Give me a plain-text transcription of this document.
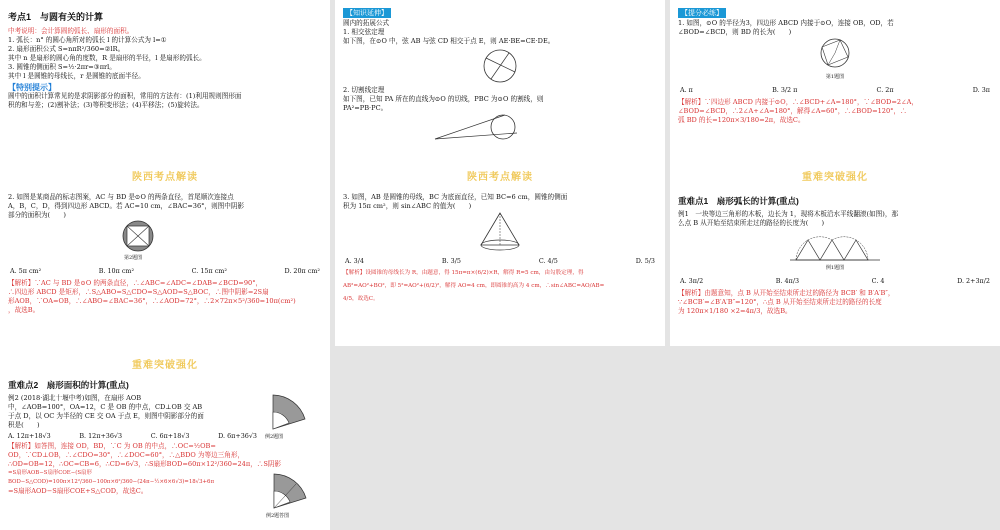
考点1　与圆有关的计算
中考说明：会计算圆的弧长、扇形的面积。
1. 弧长：n° 的圆心角所对的弧长 l 的计算公式为 l=①
2. 扇形面积公式 S=nπR²/360=②lR。
其中 n 是扇形的圆心角的度数，R 是扇形的半径，l 是扇形的弧长。
3. 圆锥的侧面积 S=½·2πr=③πrl。
其中 l 是圆锥的母线长，r 是圆锥的底面半径。
【特别提示】
圆中的面积计算常见的是求阴影部分的面积，常用的方法有：(1)利用规则图形面
积的和与差；(2)割补法；(3)等积变形法；(4)平移法；(5)旋转法。
【知识延伸】
圆内的拓展公式
1. 相交弦定理
如下图，在⊙O 中，弦 AB 与弦 CD 相交于点 E，则 AE·BE=CE·DE。
2. 切割线定理
如下图，已知 PA 所在的直线为⊙O 的切线，PBC 为⊙O 的割线，则
PA²=PB·PC。
【提分必练】
1. 如图，⊙O 的半径为3，四边形 ABCD 内接于⊙O，连接 OB，OD，若
∠BOD=∠BCD，则 BD 的长为(　　)
第1题图
A. π	B. 3/2 π	C. 2π	D. 3π
【解析】∵四边形 ABCD 内接于⊙O，∴∠BCD+∠A=180°，∵∠BOD=2∠A，
∠BOD=∠BCD，∴2∠A+∠A=180°，解得∠A=60°，∴∠BOD=120°，∴
弧 BD 的长=120π×3/180=2π，故选C。
陕西考点解读
2. 如图是某商品的标志图案，AC 与 BD 是⊙O 的两条直径，首尾顺次连接点
A，B，C，D，得到四边形 ABCD。若 AC=10 cm，∠BAC=36°，则图中阴影
部分的面积为(　　)
第2题图
A. 5π cm²	B. 10π cm²	C. 15π cm²	D. 20π cm²
【解析】∵AC 与 BD 是⊙O 的两条直径，∴∠ABC=∠ADC=∠DAB=∠BCD=90°，
∴四边形 ABCD 是矩形，∴S△ABO=S△CDO=S△AOD=S△BOC，∴图中阴影=2S扇
形AOB，∵OA=OB，∴∠ABO=∠BAC=36°，∴∠AOD=72°，∴2×72π×5²/360=10π(cm²)
，故选B。
陕西考点解读
3. 如图，AB 是圆锥的母线，BC 为底面直径，已知 BC=6 cm，圆锥的侧面
积为 15π cm²，则 sin∠ABC 的值为(　　)
A. 3/4	B. 3/5	C. 4/5	D. 5/3
【解析】设圆锥的母线长为 R，由题意，得 15π=π×(6/2)×R，解得 R=5 cm，由勾股定理，得
AB²=AO²+BO²，即 5²=AO²+(6/2)²，解得 AO=4 cm，即圆锥的高为 4 cm，∴sin∠ABC=AO/AB=
4/5，故选C。
重难突破强化
重难点1　扇形弧长的计算(重点)
例1　一块等边三角形的木板，边长为 1，现将木板沿水平线翻滚(如图)，那
么点 B 从开始至结束所走过的路径的长度为(　　)
例1题图
A. 3π/2	B. 4π/3	C. 4	D. 2+3π/2
【解析】由题意知，点 B 从开始至结束所走过的路径为 BCB′ 和 B′A′B″，
∵∠BCB′=∠B′A′B″=120°，∴点 B 从开始至结束所走过的路径的长度
为 120π×1/180 ×2=4π/3，故选B。
重难突破强化
重难点2　扇形面积的计算(重点)
例2 (2018·湖北十堰中考)如图，在扇形 AOB
中，∠AOB=100°，OA=12，C 是 OB 的中点，CD⊥OB 交 AB
于点 D，以 OC 为半径的 CE 交 OA 于点 E，则图中阴影部分的面
积是(　　)
A. 12π+18√3	B. 12π+36√3	C. 6π+18√3	D. 6π+36√3 例2题图
【解析】如答图，连接 OD，BD，∵C 为 OB 的中点，∴OC=½OB=
OD，∵CD⊥OB，∴∠CDO=30°，∴∠DOC=60°，∴△BDO 为等边三角形，
∴OD=OB=12，∴OC=CB=6，∴CD=6√3，∴S扇形BOD=60π×12²/360=24π，∴S阴影
=S扇形AOB−S扇形COE−(S扇形BOD−S△COD)=100π×12²/360−100π×6²/360−(24π−½×6×6√3)=18√3+6π
=S扇形AOD−S扇形COE+S△COD，故选C。
例2题答图
